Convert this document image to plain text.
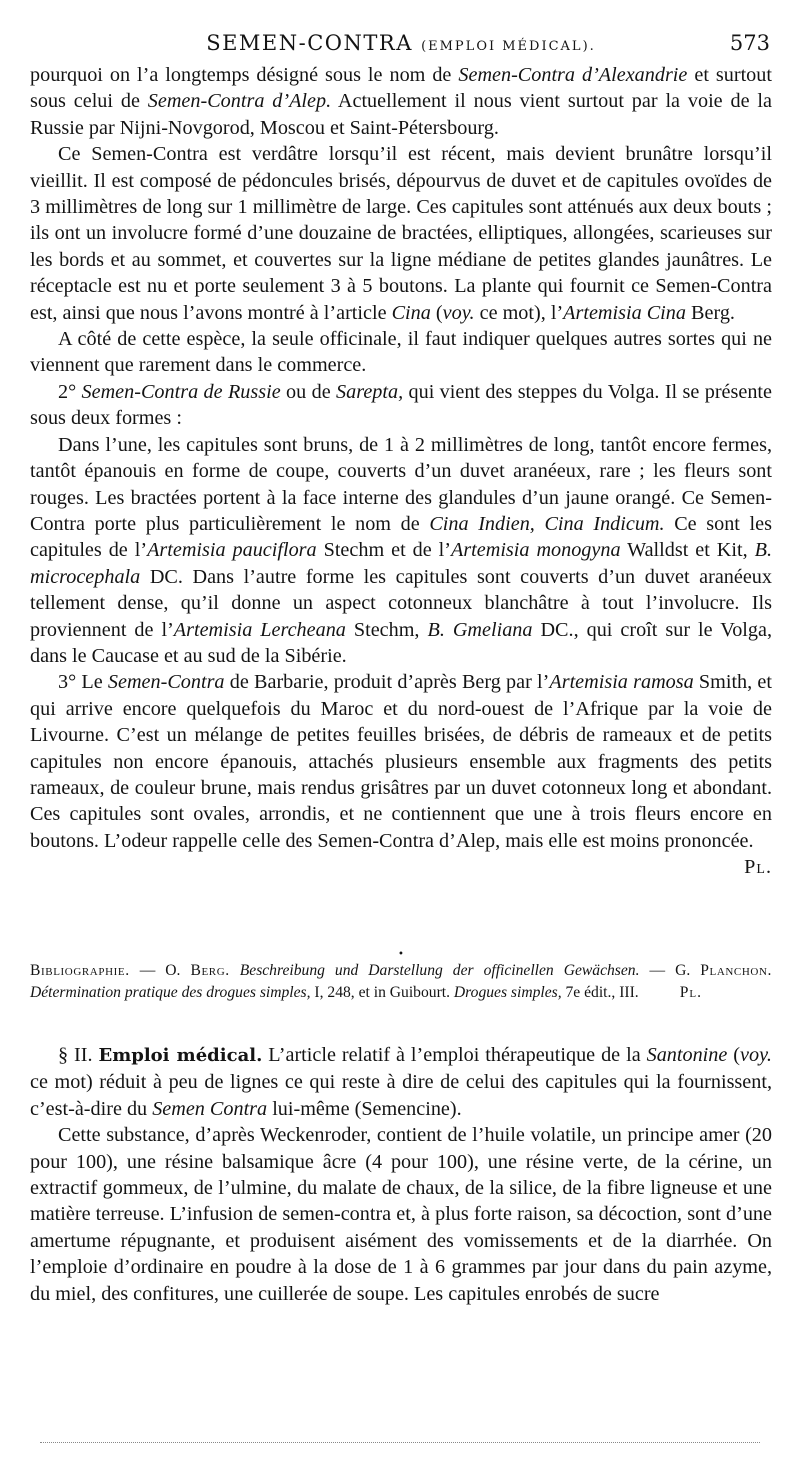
SEMEN-CONTRA (EMPLOI MÉDICAL).	573

pourquoi on l’a longtemps désigné sous le nom de Semen-Contra d’Alexandrie et surtout sous celui de Semen-Contra d’Alep. Actuellement il nous vient surtout par la voie de la Russie par Nijni-Novgorod, Moscou et Saint-Pétersbourg.

Ce Semen-Contra est verdâtre lorsqu’il est récent, mais devient brunâtre lorsqu’il vieillit. Il est composé de pédoncules brisés, dépourvus de duvet et de capitules ovoïdes de 3 millimètres de long sur 1 millimètre de large. Ces capitules sont atténués aux deux bouts ; ils ont un involucre formé d’une douzaine de bractées, elliptiques, allongées, scarieuses sur les bords et au sommet, et couvertes sur la ligne médiane de petites glandes jaunâtres. Le réceptacle est nu et porte seulement 3 à 5 boutons. La plante qui fournit ce Semen-Contra est, ainsi que nous l’avons montré à l’article Cina (voy. ce mot), l’Artemisia Cina Berg.

A côté de cette espèce, la seule officinale, il faut indiquer quelques autres sortes qui ne viennent que rarement dans le commerce.

2° Semen-Contra de Russie ou de Sarepta, qui vient des steppes du Volga. Il se présente sous deux formes :

Dans l’une, les capitules sont bruns, de 1 à 2 millimètres de long, tantôt encore fermes, tantôt épanouis en forme de coupe, couverts d’un duvet aranéeux, rare ; les fleurs sont rouges. Les bractées portent à la face interne des glandules d’un jaune orangé. Ce Semen-Contra porte plus particulièrement le nom de Cina Indien, Cina Indicum. Ce sont les capitules de l’Artemisia pauciflora Stechm et de l’Artemisia monogyna Walldst et Kit, B. microcephala DC. Dans l’autre forme les capitules sont couverts d’un duvet aranéeux tellement dense, qu’il donne un aspect cotonneux blanchâtre à tout l’involucre. Ils proviennent de l’Artemisia Lercheana Stechm, B. Gmeliana DC., qui croît sur le Volga, dans le Caucase et au sud de la Sibérie.

3° Le Semen-Contra de Barbarie, produit d’après Berg par l’Artemisia ramosa Smith, et qui arrive encore quelquefois du Maroc et du nord-ouest de l’Afrique par la voie de Livourne. C’est un mélange de petites feuilles brisées, de débris de rameaux et de petits capitules non encore épanouis, attachés plusieurs ensemble aux fragments des petits rameaux, de couleur brune, mais rendus grisâtres par un duvet cotonneux long et abondant. Ces capitules sont ovales, arrondis, et ne contiennent que une à trois fleurs encore en boutons. L’odeur rappelle celle des Semen-Contra d’Alep, mais elle est moins prononcée.
Pl.

•

Bibliographie. — O. Berg. Beschreibung und Darstellung der officinellen Gewächsen. — G. Planchon. Détermination pratique des drogues simples, I, 248, et in Guibourt. Drogues simples, 7e édit., III.	Pl.

§ II. Emploi médical. L’article relatif à l’emploi thérapeutique de la Santonine (voy. ce mot) réduit à peu de lignes ce qui reste à dire de celui des capitules qui la fournissent, c’est-à-dire du Semen Contra lui-même (Semencine).

Cette substance, d’après Weckenroder, contient de l’huile volatile, un principe amer (20 pour 100), une résine balsamique âcre (4 pour 100), une résine verte, de la cérine, un extractif gommeux, de l’ulmine, du malate de chaux, de la silice, de la fibre ligneuse et une matière terreuse. L’infusion de semen-contra et, à plus forte raison, sa décoction, sont d’une amertume répugnante, et produisent aisément des vomissements et de la diarrhée. On l’emploie d’ordinaire en poudre à la dose de 1 à 6 grammes par jour dans du pain azyme, du miel, des confitures, une cuillerée de soupe. Les capitules enrobés de sucre
